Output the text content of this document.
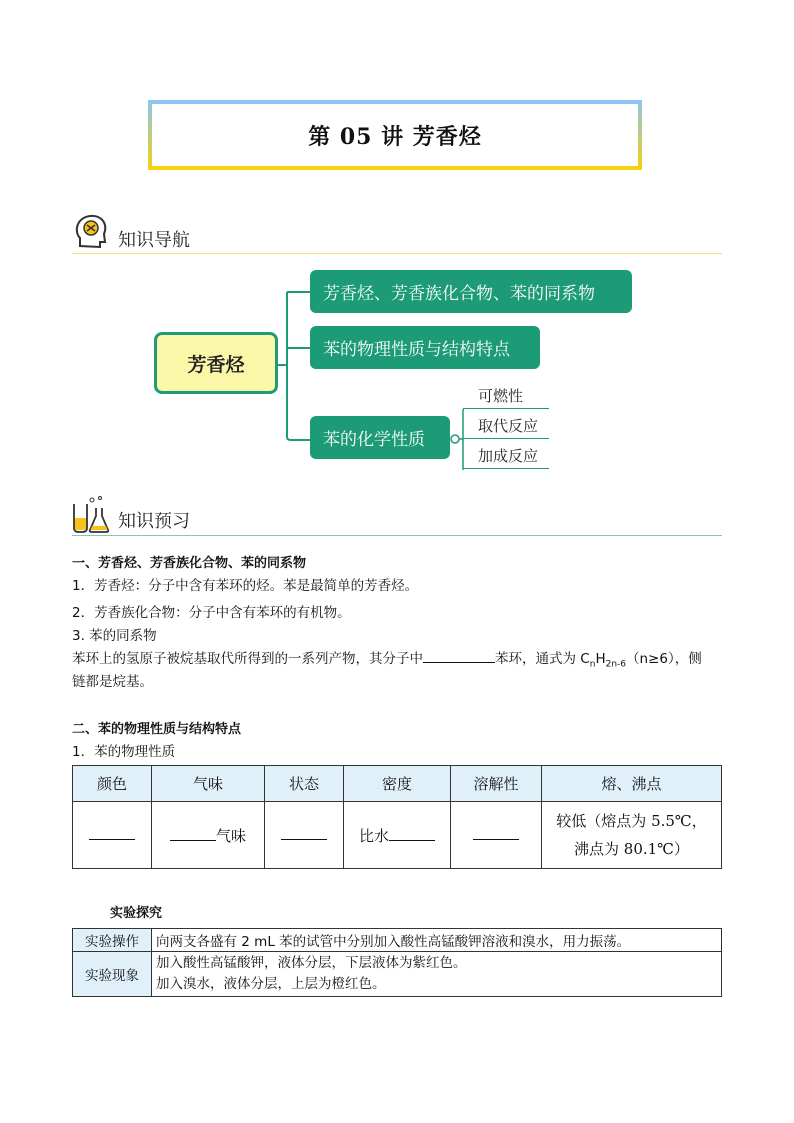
第 05 讲 芳香烃
知识导航
芳香烃
芳香烃、芳香族化合物、苯的同系物
苯的物理性质与结构特点
苯的化学性质
可燃性
取代反应
加成反应
知识预习
一、芳香烃、芳香族化合物、苯的同系物
1．芳香烃：分子中含有苯环的烃。苯是最简单的芳香烃。
2．芳香族化合物：分子中含有苯环的有机物。
3. 苯的同系物
苯环上的氢原子被烷基取代所得到的一系列产物，其分子中	苯环，通式为 $C_nH_{2n-6}(n\ge 6)$，侧
链都是烷基。
二、苯的物理性质与结构特点
1．苯的物理性质
颜色	气味	状态	密度	溶解性	熔、沸点
	气味		比水		较低（熔点为 5.5℃，
沸点为 80.1℃）
实验探究
实验操作	向两支各盛有 2 mL 苯的试管中分别加入酸性高锰酸钾溶液和溴水，用力振荡。
实验现象	加入酸性高锰酸钾，液体分层，下层液体为紫红色。
加入溴水，液体分层，上层为橙红色。
